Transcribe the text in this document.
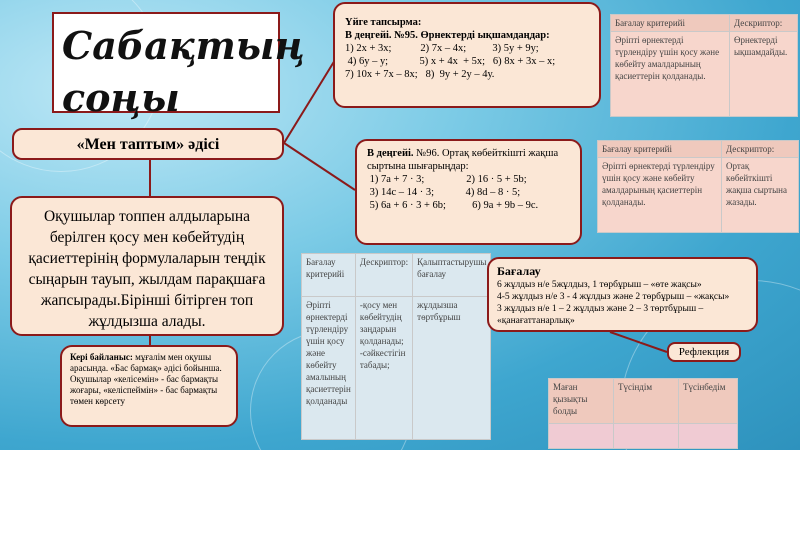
Сабақтың
соңы
«Мен таптым» әдісі
Оқушылар топпен алдыларына берілген қосу мен көбейтудің қасиеттерінің формулаларын теңдік сыңарын тауып, жылдам парақшаға жапсырады.Бірінші бітірген топ жұлдызша алады.
Үйге тапсырма:
В деңгейі. №95. Өрнектерді ықшамдаңдар:
1) 2х + 3х;           2) 7х – 4х;          3) 5у + 9у;
4) 6у – у;            5) х + 4х  + 5х;   6) 8х + 3х – х;
7) 10х + 7х – 8х;   8)  9у + 2у – 4у.
Бағалау критерийі	Дескриптор:
Әріпті өрнектерді түрлендіру үшін қосу және көбейту амалдарының қасиеттерін қолданады.	Өрнектерді ықшамдайды.
В деңгейі. №96. Ортақ көбейткішті жақша сыртына шығарыңдар:
1) 7а + 7 · 3;                2) 16 · 5 + 5b;
3) 14с – 14 · 3;            4) 8d – 8 · 5;
5) 6а + 6 · 3 + 6b;          6) 9а + 9b – 9с.
Бағалау критерийі	Дескриптор:
Әріпті өрнектерді түрлендіру үшін қосу және көбейту амалдарының қасиеттерін қолданады.	Ортақ көбейткішті жақша сыртына жазады.
Бағалау критерийі	Дескриптор:	Қалыптастырушы бағалау
Әріпті өрнектерді түрлендіру үшін қосу және көбейту амалының қасиеттерін қолданады	-қосу мен көбейтудің заңдарын қолданады; -сәйкестігін табады;	жұлдызша төртбұрыш
Бағалау
6 жұлдыз н/е 5жұлдыз, 1 төрбұрыш – «өте жақсы»
4-5 жұлдыз н/е 3 - 4 жұлдыз және 2 төрбұрыш – «жақсы»
3 жұлдыз н/е 1 – 2 жұлдыз және 2 – 3 төртбұрыш – «қанағаттанарлық»
Кері байланыс: мұғалім мен оқушы арасында. «Бас бармақ» әдісі бойынша. Оқушылар «келісемін» - бас бармақты жоғары, «келіспеймін» - бас бармақты төмен көрсету
Рефлекция
Маған қызықты болды	Түсіндім	Түсінбедім
